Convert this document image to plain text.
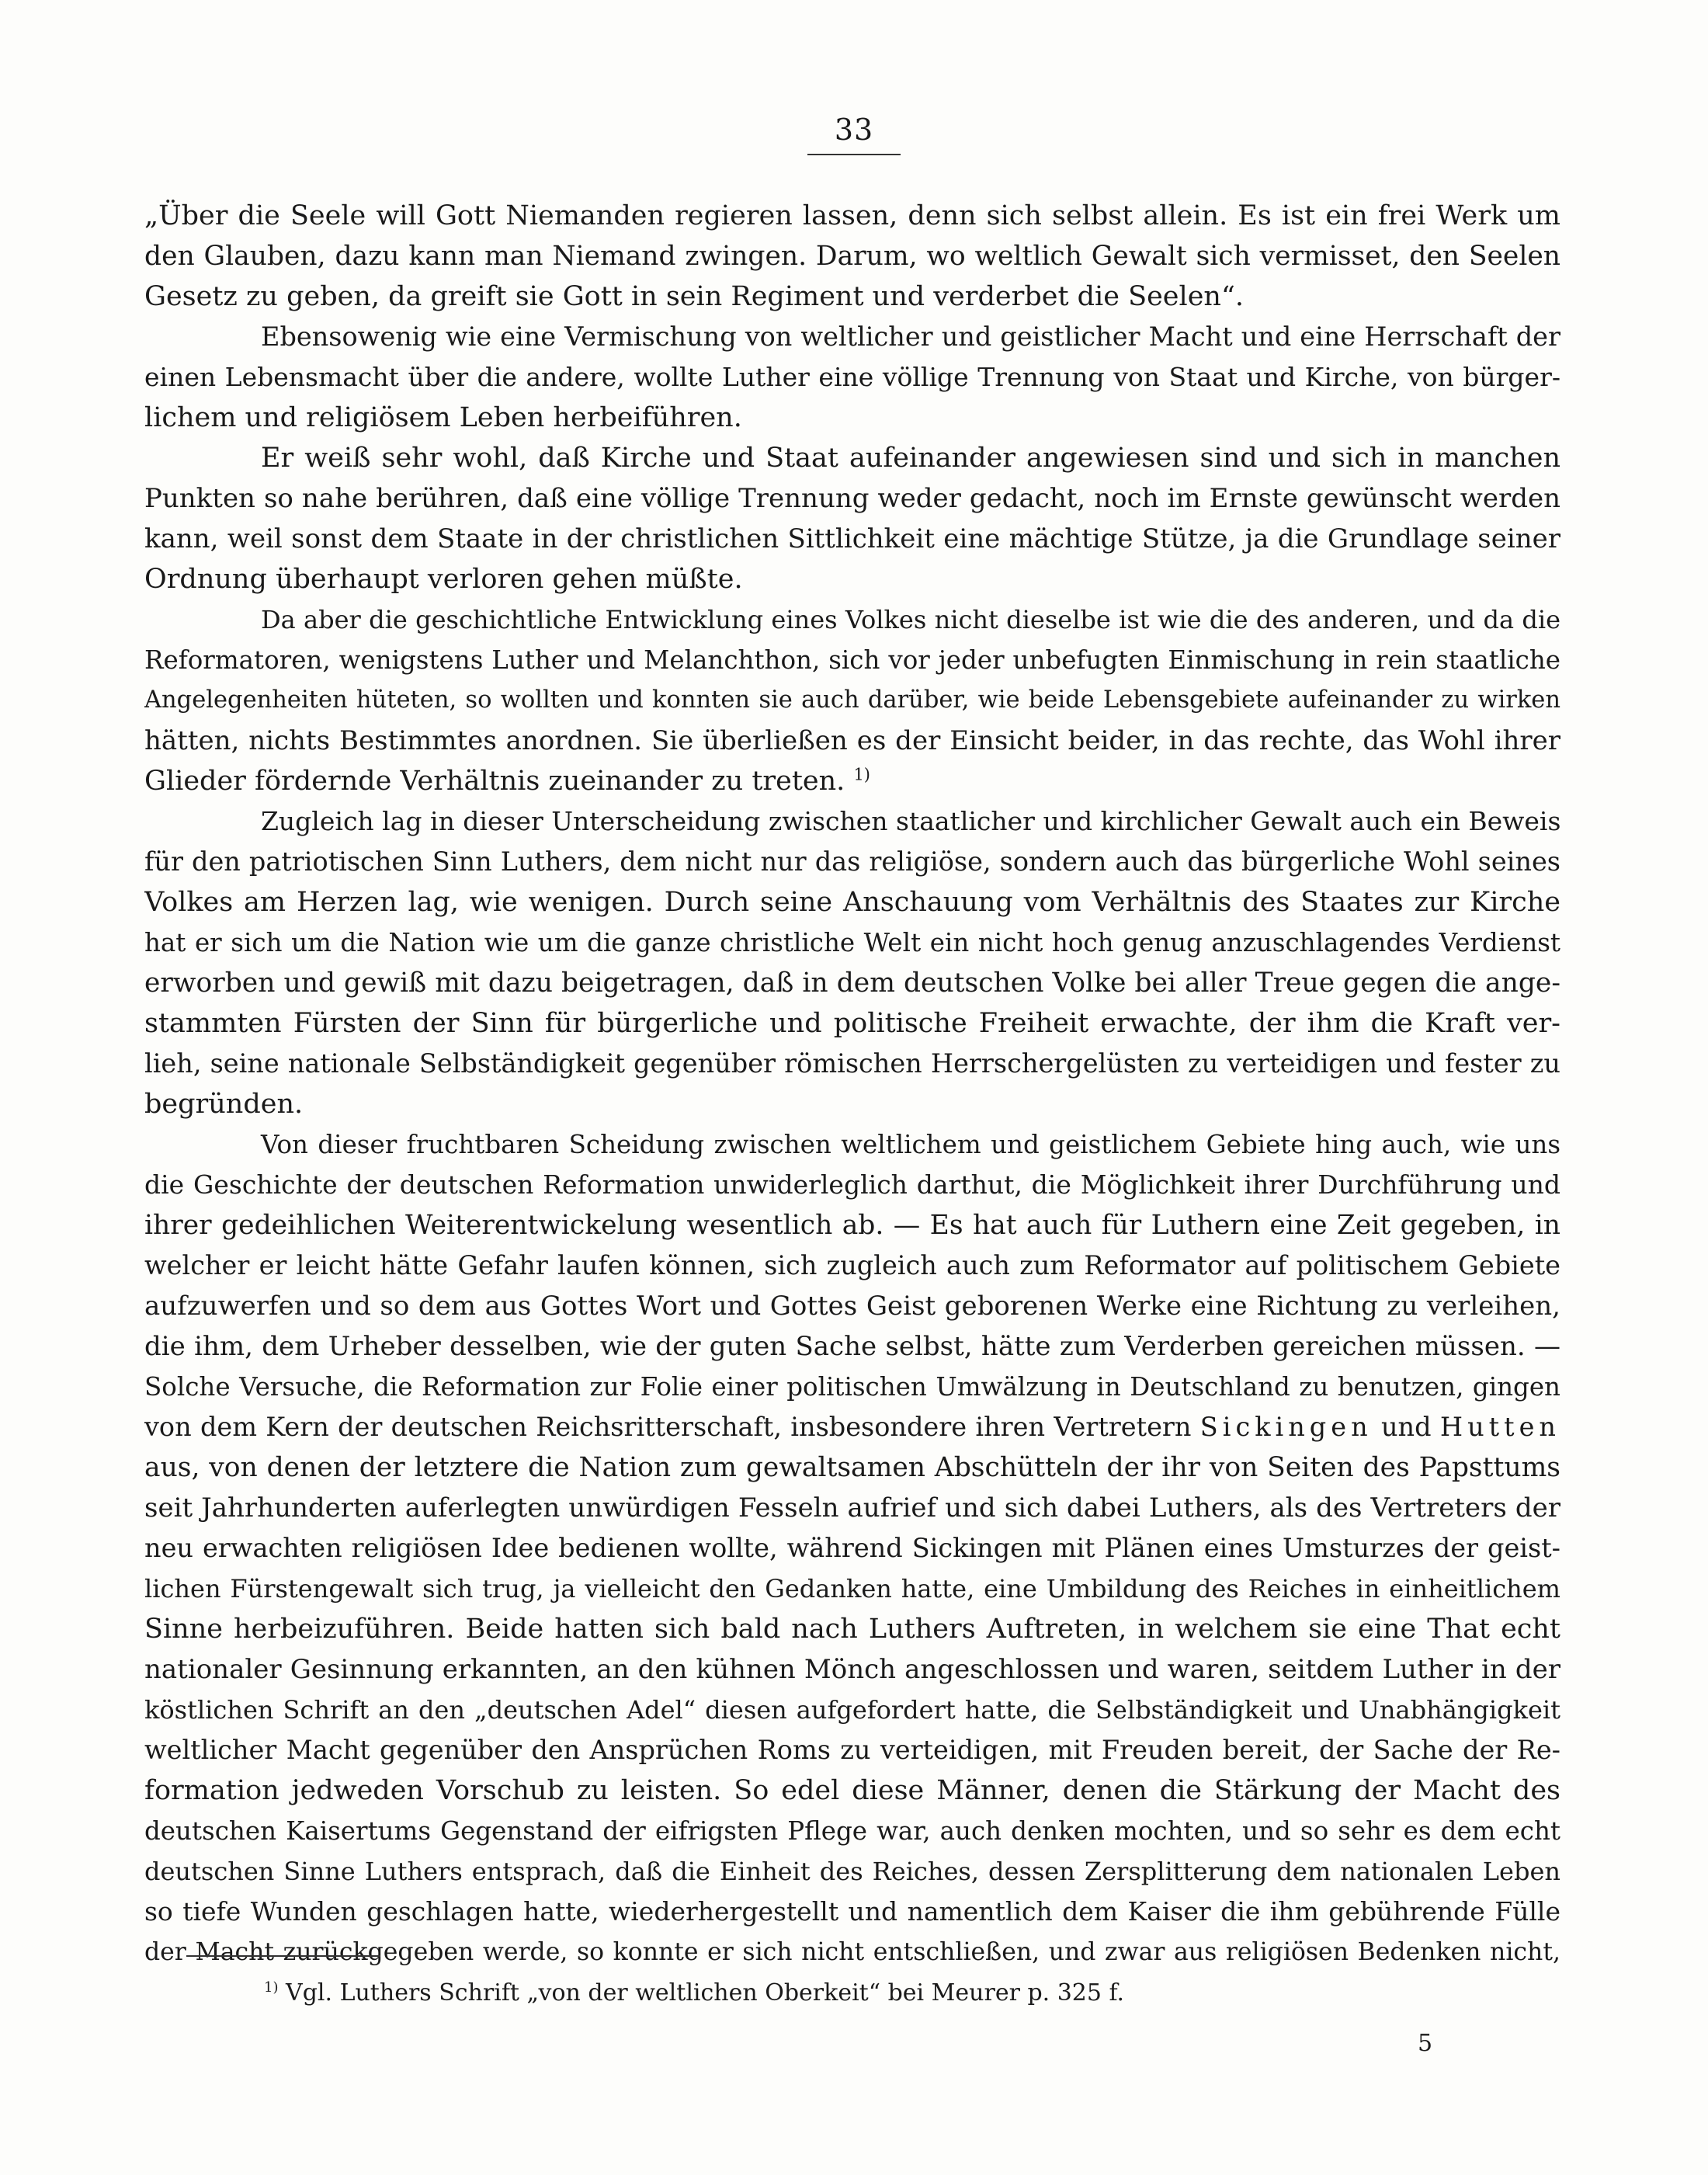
33
„Über die Seele will Gott Niemanden regieren lassen, denn sich selbst allein. Es ist ein frei Werk um
den Glauben, dazu kann man Niemand zwingen. Darum, wo weltlich Gewalt sich vermisset, den Seelen
Gesetz zu geben, da greift sie Gott in sein Regiment und verderbet die Seelen“.
Ebensowenig wie eine Vermischung von weltlicher und geistlicher Macht und eine Herrschaft der
einen Lebensmacht über die andere, wollte Luther eine völlige Trennung von Staat und Kirche, von bürger-
lichem und religiösem Leben herbeiführen.
Er weiß sehr wohl, daß Kirche und Staat aufeinander angewiesen sind und sich in manchen
Punkten so nahe berühren, daß eine völlige Trennung weder gedacht, noch im Ernste gewünscht werden
kann, weil sonst dem Staate in der christlichen Sittlichkeit eine mächtige Stütze, ja die Grundlage seiner
Ordnung überhaupt verloren gehen müßte.
Da aber die geschichtliche Entwicklung eines Volkes nicht dieselbe ist wie die des anderen, und da die
Reformatoren, wenigstens Luther und Melanchthon, sich vor jeder unbefugten Einmischung in rein staatliche
Angelegenheiten hüteten, so wollten und konnten sie auch darüber, wie beide Lebensgebiete aufeinander zu wirken
hätten, nichts Bestimmtes anordnen. Sie überließen es der Einsicht beider, in das rechte, das Wohl ihrer
Glieder fördernde Verhältnis zueinander zu treten. $^{1)}$
Zugleich lag in dieser Unterscheidung zwischen staatlicher und kirchlicher Gewalt auch ein Beweis
für den patriotischen Sinn Luthers, dem nicht nur das religiöse, sondern auch das bürgerliche Wohl seines
Volkes am Herzen lag, wie wenigen. Durch seine Anschauung vom Verhältnis des Staates zur Kirche
hat er sich um die Nation wie um die ganze christliche Welt ein nicht hoch genug anzuschlagendes Verdienst
erworben und gewiß mit dazu beigetragen, daß in dem deutschen Volke bei aller Treue gegen die ange-
stammten Fürsten der Sinn für bürgerliche und politische Freiheit erwachte, der ihm die Kraft ver-
lieh, seine nationale Selbständigkeit gegenüber römischen Herrschergelüsten zu verteidigen und fester zu
begründen.
Von dieser fruchtbaren Scheidung zwischen weltlichem und geistlichem Gebiete hing auch, wie uns
die Geschichte der deutschen Reformation unwiderleglich darthut, die Möglichkeit ihrer Durchführung und
ihrer gedeihlichen Weiterentwickelung wesentlich ab. — Es hat auch für Luthern eine Zeit gegeben, in
welcher er leicht hätte Gefahr laufen können, sich zugleich auch zum Reformator auf politischem Gebiete
aufzuwerfen und so dem aus Gottes Wort und Gottes Geist geborenen Werke eine Richtung zu verleihen,
die ihm, dem Urheber desselben, wie der guten Sache selbst, hätte zum Verderben gereichen müssen. —
Solche Versuche, die Reformation zur Folie einer politischen Umwälzung in Deutschland zu benutzen, gingen
von dem Kern der deutschen Reichsritterschaft, insbesondere ihren Vertretern Sickingen und Hutten
aus, von denen der letztere die Nation zum gewaltsamen Abschütteln der ihr von Seiten des Papsttums
seit Jahrhunderten auferlegten unwürdigen Fesseln aufrief und sich dabei Luthers, als des Vertreters der
neu erwachten religiösen Idee bedienen wollte, während Sickingen mit Plänen eines Umsturzes der geist-
lichen Fürstengewalt sich trug, ja vielleicht den Gedanken hatte, eine Umbildung des Reiches in einheitlichem
Sinne herbeizuführen. Beide hatten sich bald nach Luthers Auftreten, in welchem sie eine That echt
nationaler Gesinnung erkannten, an den kühnen Mönch angeschlossen und waren, seitdem Luther in der
köstlichen Schrift an den „deutschen Adel“ diesen aufgefordert hatte, die Selbständigkeit und Unabhängigkeit
weltlicher Macht gegenüber den Ansprüchen Roms zu verteidigen, mit Freuden bereit, der Sache der Re-
formation jedweden Vorschub zu leisten. So edel diese Männer, denen die Stärkung der Macht des
deutschen Kaisertums Gegenstand der eifrigsten Pflege war, auch denken mochten, und so sehr es dem echt
deutschen Sinne Luthers entsprach, daß die Einheit des Reiches, dessen Zersplitterung dem nationalen Leben
so tiefe Wunden geschlagen hatte, wiederhergestellt und namentlich dem Kaiser die ihm gebührende Fülle
der Macht zurückgegeben werde, so konnte er sich nicht entschließen, und zwar aus religiösen Bedenken nicht,
$^{1)}$ Vgl. Luthers Schrift „von der weltlichen Oberkeit“ bei Meurer p. 325 f.
5
